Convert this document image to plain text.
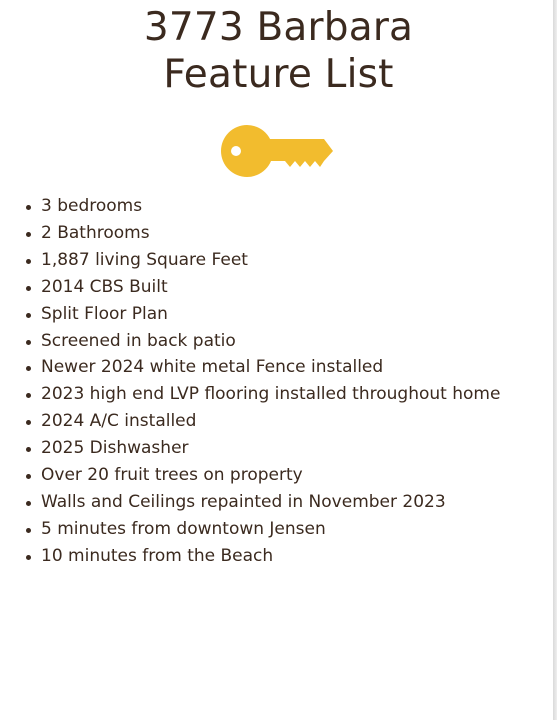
3773 Barbara
Feature List
3 bedrooms
2 Bathrooms
1,887 living Square Feet
2014 CBS Built
Split Floor Plan
Screened in back patio
Newer 2024 white metal Fence installed
2023 high end LVP flooring installed throughout home
2024 A/C installed
2025 Dishwasher
Over 20 fruit trees on property
Walls and Ceilings repainted in November 2023
5 minutes from downtown Jensen
10 minutes from the Beach
